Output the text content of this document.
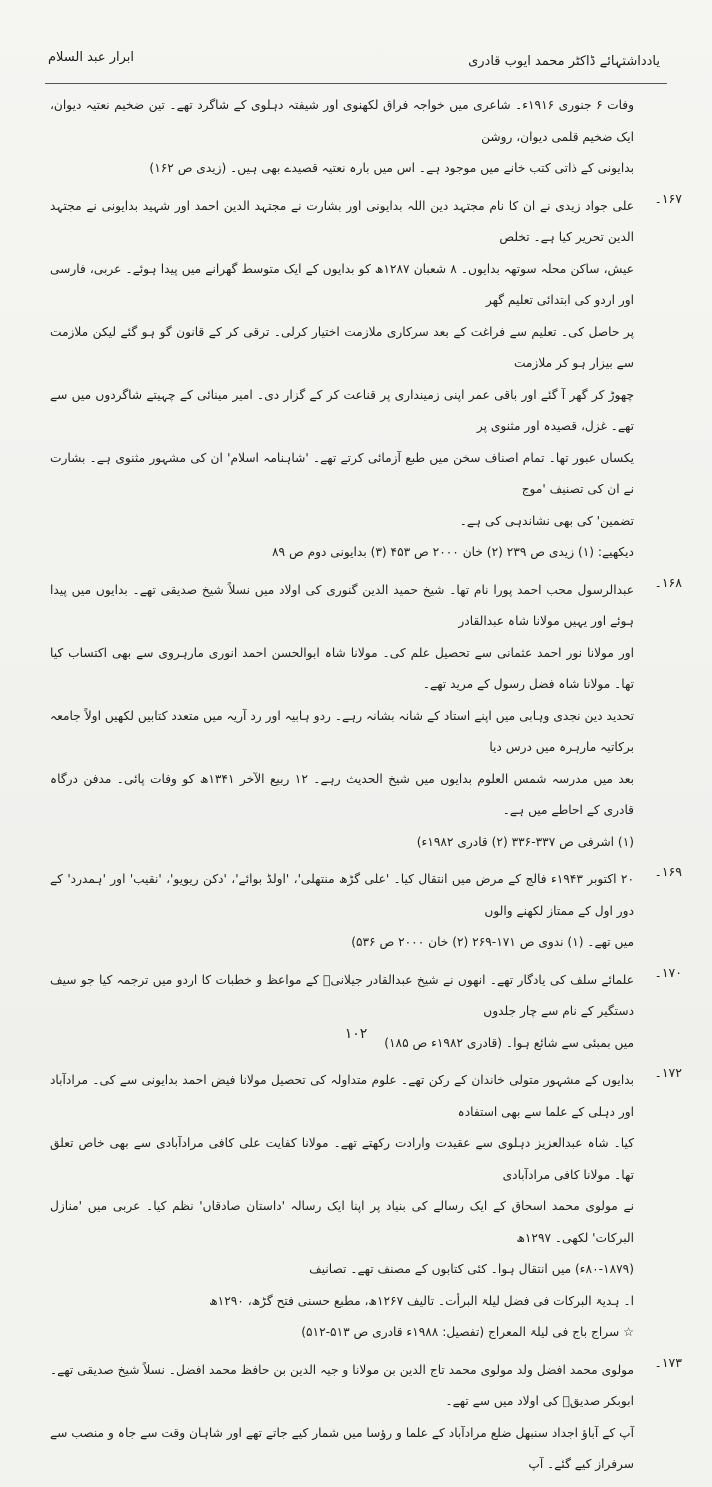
یادداشتہائے ڈاکٹر محمد ایوب قادری
ابرار عبد السلام

وفات ۶ جنوری ۱۹۱۶ء۔ شاعری میں خواجہ فراق لکھنوی اور شیفتہ دہلوی کے شاگرد تھے۔ تین ضخیم نعتیہ دیوان، ایک ضخیم قلمی دیوان، روشن

بدایونی کے ذاتی کتب خانے میں موجود ہے۔ اس میں بارہ نعتیہ قصیدے بھی ہیں۔ (زیدی ص ۱۶۲)

۱۶۷۔

علی جواد زیدی نے ان کا نام مجتہد دین اللہ بدایونی اور بشارت نے مجتہد الدین احمد اور شہید بدایونی نے مجتہد الدین تحریر کیا ہے۔ تخلص

عیش، ساکن محلہ سوتھہ بدایوں۔ ۸ شعبان ۱۲۸۷ھ کو بدایوں کے ایک متوسط گھرانے میں پیدا ہوئے۔ عربی، فارسی اور اردو کی ابتدائی تعلیم گھر

پر حاصل کی۔ تعلیم سے فراغت کے بعد سرکاری ملازمت اختیار کرلی۔ ترقی کر کے قانون گو ہو گئے لیکن ملازمت سے بیزار ہو کر ملازمت

چھوڑ کر گھر آ گئے اور باقی عمر اپنی زمینداری پر قناعت کر کے گزار دی۔ امیر مینائی کے چہیتے شاگردوں میں سے تھے۔ غزل، قصیدہ اور مثنوی پر

یکساں عبور تھا۔ تمام اصناف سخن میں طبع آزمائی کرتے تھے۔ 'شاہنامہ اسلام' ان کی مشہور مثنوی ہے۔ بشارت نے ان کی تصنیف 'موج

تضمین' کی بھی نشاندہی کی ہے۔

دیکھیے: (۱) زیدی ص ۲۳۹ (۲) خان ۲۰۰۰ ص ۴۵۳ (۳) بدایونی دوم ص ۸۹

۱۶۸۔

عبدالرسول محب احمد پورا نام تھا۔ شیخ حمید الدین گنوری کی اولاد میں نسلاً شیخ صدیقی تھے۔ بدایوں میں پیدا ہوئے اور یہیں مولانا شاہ عبدالقادر

اور مولانا نور احمد عثمانی سے تحصیل علم کی۔ مولانا شاہ ابوالحسن احمد انوری مارہروی سے بھی اکتساب کیا تھا۔ مولانا شاہ فضل رسول کے مرید تھے۔

تحدید دین نجدی وہابی میں اپنے استاد کے شانہ بشانہ رہے۔ ردو ہابیہ اور رد آریہ میں متعدد کتابیں لکھیں اولاً جامعہ برکاتیہ مارہرہ میں درس دیا

بعد میں مدرسہ شمس العلوم بدایوں میں شیخ الحدیث رہے۔ ۱۲ ربیع الآخر ۱۳۴۱ھ کو وفات پائی۔ مدفن درگاہ قادری کے احاطے میں ہے۔

(۱) اشرفی ص ۳۳۷-۳۳۶ (۲) قادری ۱۹۸۲ء)

۱۶۹۔

۲۰ اکتوبر ۱۹۴۳ء فالج کے مرض میں انتقال کیا۔ 'علی گڑھ منتھلی'، 'اولڈ بوائے'، 'دکن ریویو'، 'نقیب' اور 'ہمدرد' کے دور اول کے ممتاز لکھنے والوں

میں تھے۔ (۱) ندوی ص ۱۷۱-۲۶۹ (۲) خان ۲۰۰۰ ص ۵۳۶)

۱۷۰۔

علمائے سلف کی یادگار تھے۔ انھوں نے شیخ عبدالقادر جیلانیؒ کے مواعظ و خطبات کا اردو میں ترجمہ کیا جو سیف دستگیر کے نام سے چار جلدوں

میں بمبئی سے شائع ہوا۔ (قادری ۱۹۸۲ء ص ۱۸۵)

۱۷۲۔

بدایوں کے مشہور متولی خاندان کے رکن تھے۔ علوم متداولہ کی تحصیل مولانا فیض احمد بدایونی سے کی۔ مرادآباد اور دہلی کے علما سے بھی استفادہ

کیا۔ شاہ عبدالعزیز دہلوی سے عقیدت وارادت رکھتے تھے۔ مولانا کفایت علی کافی مرادآبادی سے بھی خاص تعلق تھا۔ مولانا کافی مرادآبادی

نے مولوی محمد اسحاق کے ایک رسالے کی بنیاد پر اپنا ایک رسالہ 'داستان صادقاں' نظم کیا۔ عربی میں 'منازل البرکات' لکھی۔ ۱۲۹۷ھ

(۸۰-۱۸۷۹ء) میں انتقال ہوا۔ کئی کتابوں کے مصنف تھے۔ تصانیف

ا۔ ہدیۃ البرکات فی فضل لیلۃ البرأت۔ تالیف ۱۲۶۷ھ، مطبع حسنی فتح گڑھ، ۱۲۹۰ھ

☆ سراج باج فی لیلۃ المعراج (تفصیل: ۱۹۸۸ء قادری ص ۵۱۳-۵۱۲)

۱۷۳۔

مولوی محمد افضل ولد مولوی محمد تاج الدین بن مولانا و جیہ الدین بن حافظ محمد افضل۔ نسلاً شیخ صدیقی تھے۔ ابوبکر صدیقؓ کی اولاد میں سے تھے۔

آپ کے آباؤ اجداد سنبھل ضلع مرادآباد کے علما و رؤسا میں شمار کیے جاتے تھے اور شاہان وقت سے جاہ و منصب سے سرفراز کیے گئے۔ آپ

۱۰۲
